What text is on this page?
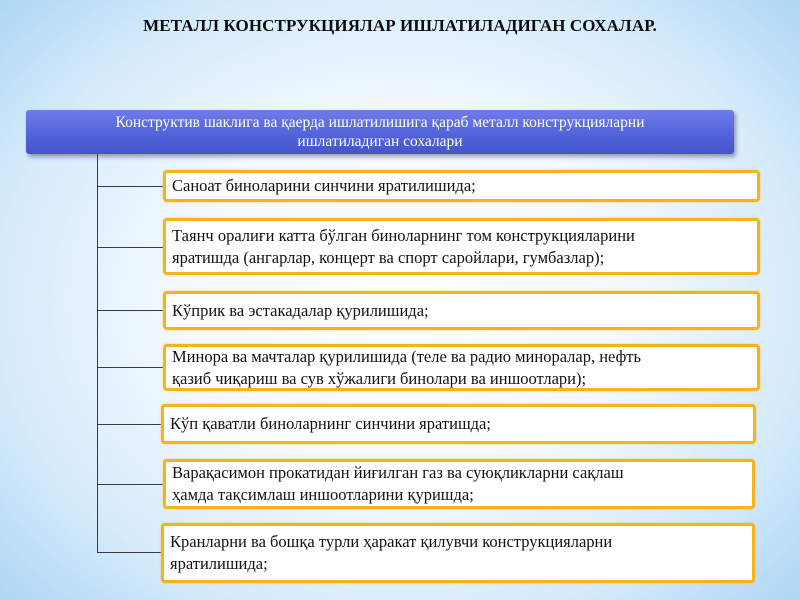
МЕТАЛЛ КОНСТРУКЦИЯЛАР ИШЛАТИЛАДИГАН СОХАЛАР.
Конструктив шаклига ва қаерда ишлатилишига қараб металл конструкцияларни
ишлатиладиган сохалари
Саноат биноларини синчини яратилишида;
Таянч оралиғи катта бўлган биноларнинг том конструкцияларини
яратишда (ангарлар, концерт ва спорт саройлари, гумбазлар);
Кўприк ва эстакадалар қурилишида;
Минора ва мачталар қурилишида (теле ва радио миноралар, нефть
қазиб чиқариш ва сув хўжалиги бинолари ва иншоотлари);
Кўп қаватли биноларнинг синчини яратишда;
Варақасимон прокатидан йиғилган газ ва суюқликларни сақлаш
ҳамда тақсимлаш иншоотларини қуришда;
Кранларни ва бошқа турли ҳаракат қилувчи конструкцияларни
яратилишида;
